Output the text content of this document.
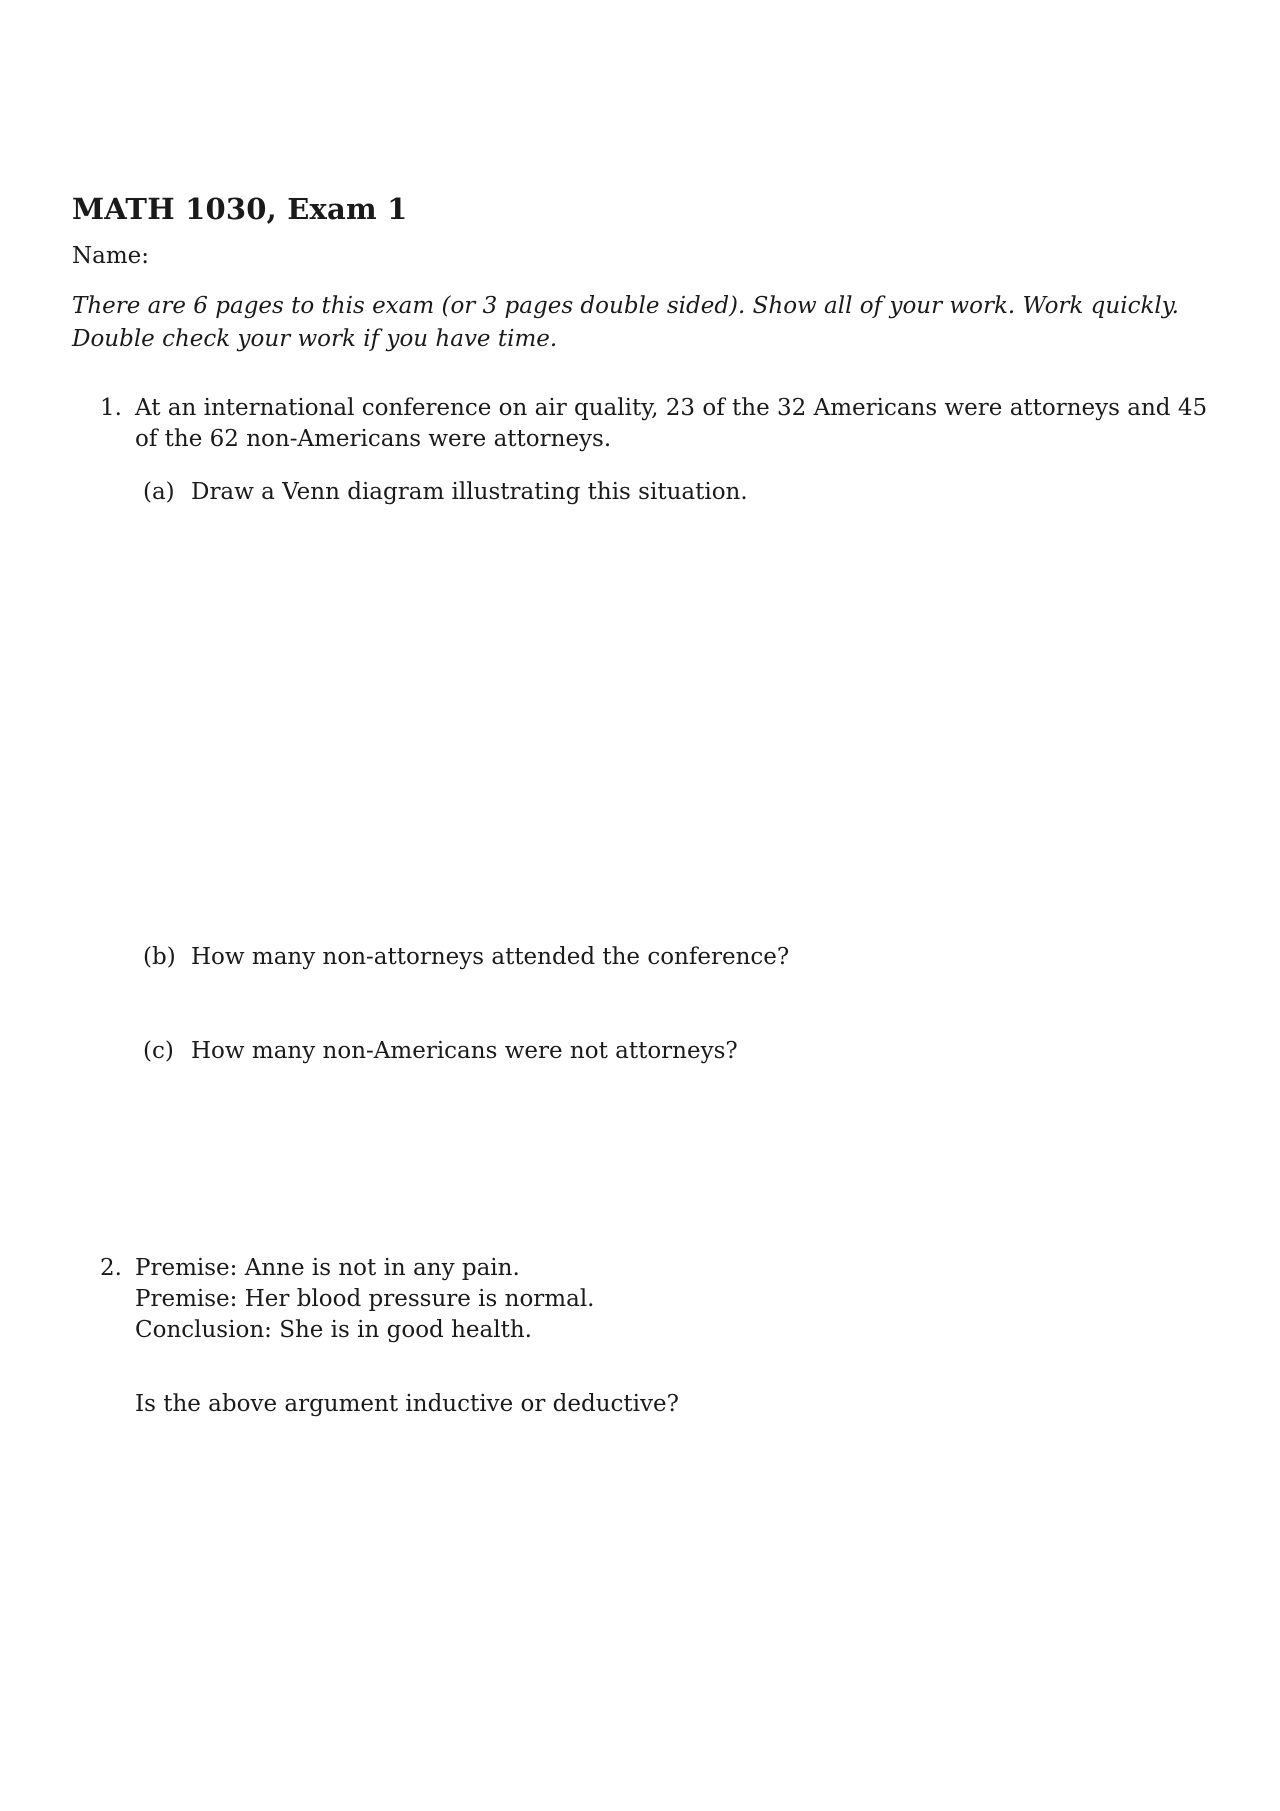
MATH 1030, Exam 1
Name:
There are 6 pages to this exam (or 3 pages double sided). Show all of your work. Work quickly. Double check your work if you have time.
1. At an international conference on air quality, 23 of the 32 Americans were attorneys and 45 of the 62 non-Americans were attorneys.
(a) Draw a Venn diagram illustrating this situation.
(b) How many non-attorneys attended the conference?
(c) How many non-Americans were not attorneys?
2. Premise: Anne is not in any pain.
Premise: Her blood pressure is normal.
Conclusion: She is in good health.
Is the above argument inductive or deductive?
